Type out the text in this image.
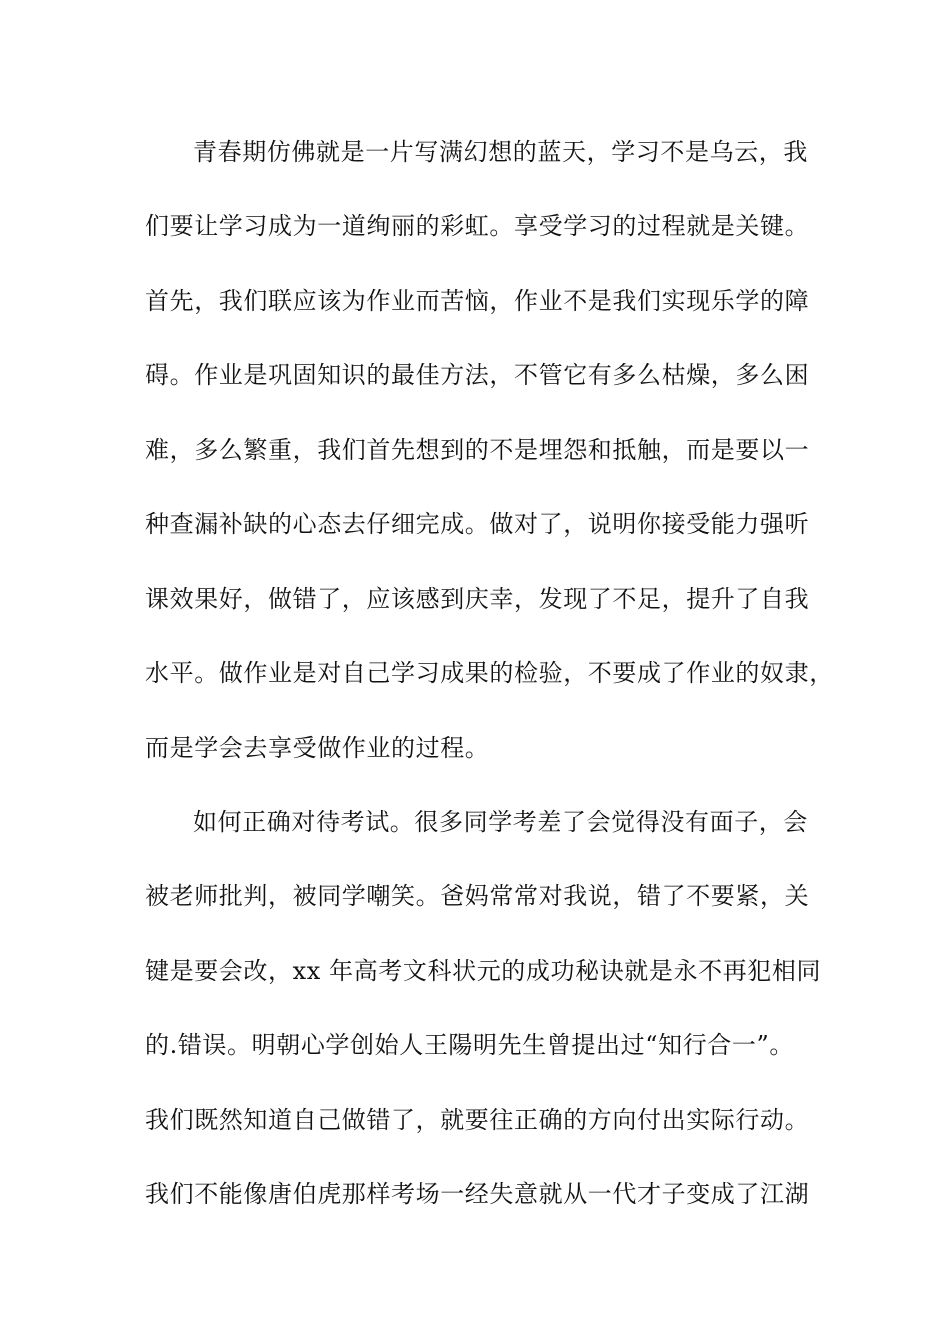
青春期仿佛就是一片写满幻想的蓝天，学习不是乌云，我
们要让学习成为一道绚丽的彩虹。享受学习的过程就是关键。
首先，我们联应该为作业而苦恼，作业不是我们实现乐学的障
碍。作业是巩固知识的最佳方法，不管它有多么枯燥，多么困
难，多么繁重，我们首先想到的不是埋怨和抵触，而是要以一
种查漏补缺的心态去仔细完成。做对了，说明你接受能力强听
课效果好，做错了，应该感到庆幸，发现了不足，提升了自我
水平。做作业是对自己学习成果的检验，不要成了作业的奴隶，
而是学会去享受做作业的过程。
如何正确对待考试。很多同学考差了会觉得没有面子，会
被老师批判，被同学嘲笑。爸妈常常对我说，错了不要紧，关
键是要会改，xx 年高考文科状元的成功秘诀就是永不再犯相同
的.错误。明朝心学创始人王陽明先生曾提出过“知行合一”。
我们既然知道自己做错了，就要往正确的方向付出实际行动。
我们不能像唐伯虎那样考场一经失意就从一代才子变成了江湖
